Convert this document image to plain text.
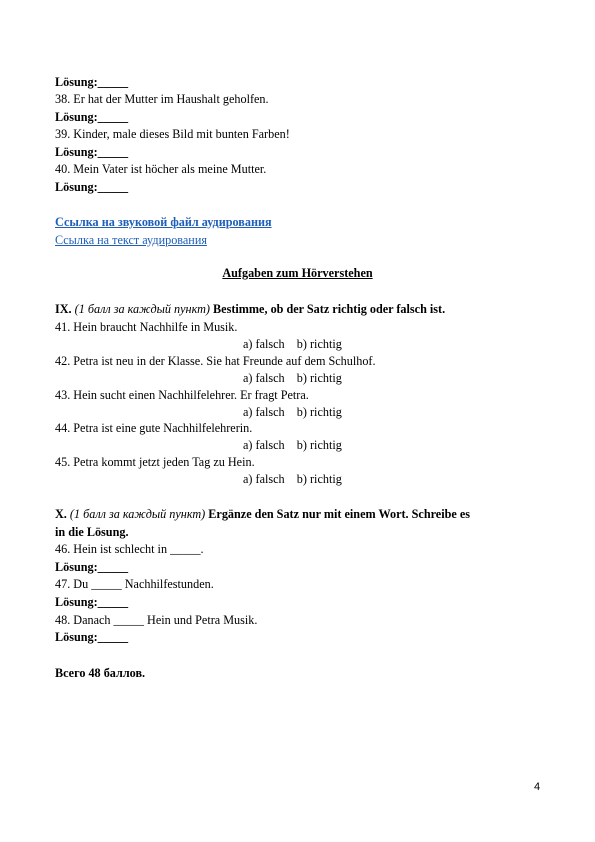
Lösung:_____
38. Er hat der Mutter im Haushalt geholfen.
Lösung:_____
39. Kinder, male dieses Bild mit bunten Farben!
Lösung:_____
40. Mein Vater ist höcher als meine Mutter.
Lösung:_____
Ссылка на звуковой файл аудирования
Ссылка на текст аудирования
Aufgaben zum Hörverstehen
IX. (1 балл за каждый пункт) Bestimme, ob der Satz richtig oder falsch ist.
41. Hein braucht Nachhilfe in Musik.
a) falsch    b) richtig
42. Petra ist neu in der Klasse. Sie hat Freunde auf dem Schulhof.
a) falsch    b) richtig
43. Hein sucht einen Nachhilfelehrer. Er fragt Petra.
a) falsch    b) richtig
44. Petra ist eine gute Nachhilfelehrerin.
a) falsch    b) richtig
45. Petra kommt jetzt jeden Tag zu Hein.
a) falsch    b) richtig
X. (1 балл за каждый пункт) Ergänze den Satz nur mit einem Wort. Schreibe es
in die Lösung.
46. Hein ist schlecht in _____.
Lösung:_____
47. Du _____ Nachhilfestunden.
Lösung:_____
48. Danach _____ Hein und Petra Musik.
Lösung:_____
Всего 48 баллов.
4
